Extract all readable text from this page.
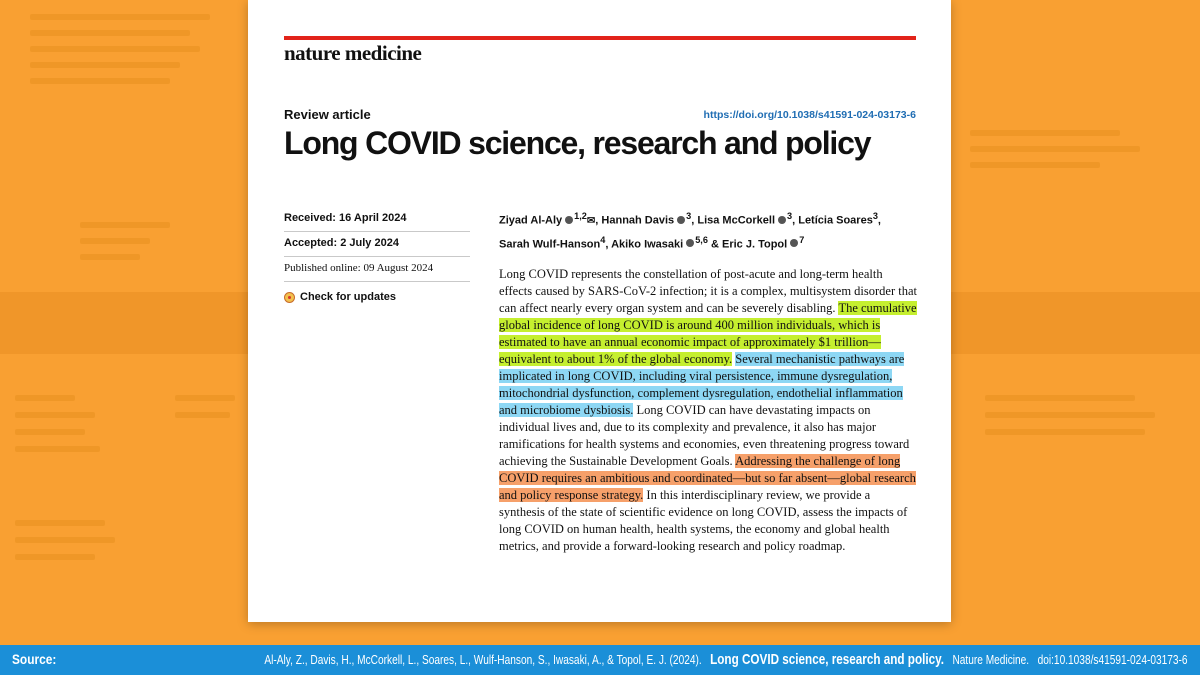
nature medicine
Review article	https://doi.org/10.1038/s41591-024-03173-6
Long COVID science, research and policy
Received: 16 April 2024
Accepted: 2 July 2024
Published online: 09 August 2024
Check for updates
Ziyad Al-Aly $^{1,2}$✉, Hannah Davis $^3$, Lisa McCorkell $^3$, Letícia Soares$^3$,
Sarah Wulf-Hanson$^4$, Akiko Iwasaki $^{5,6}$ & Eric J. Topol $^7$
Long COVID represents the constellation of post-acute and long-term health effects caused by SARS-CoV-2 infection; it is a complex, multisystem disorder that can affect nearly every organ system and can be severely disabling. The cumulative global incidence of long COVID is around 400 million individuals, which is estimated to have an annual economic impact of approximately $1 trillion—equivalent to about 1% of the global economy. Several mechanistic pathways are implicated in long COVID, including viral persistence, immune dysregulation, mitochondrial dysfunction, complement dysregulation, endothelial inflammation and microbiome dysbiosis. Long COVID can have devastating impacts on individual lives and, due to its complexity and prevalence, it also has major ramifications for health systems and economies, even threatening progress toward achieving the Sustainable Development Goals. Addressing the challenge of long COVID requires an ambitious and coordinated—but so far absent—global research and policy response strategy. In this interdisciplinary review, we provide a synthesis of the state of scientific evidence on long COVID, assess the impacts of long COVID on human health, health systems, the economy and global health metrics, and provide a forward-looking research and policy roadmap.
Source:	Al-Aly, Z., Davis, H., McCorkell, L., Soares, L., Wulf-Hanson, S., Iwasaki, A., & Topol, E. J. (2024). Long COVID science, research and policy. Nature Medicine. doi:10.1038/s41591-024-03173-6
